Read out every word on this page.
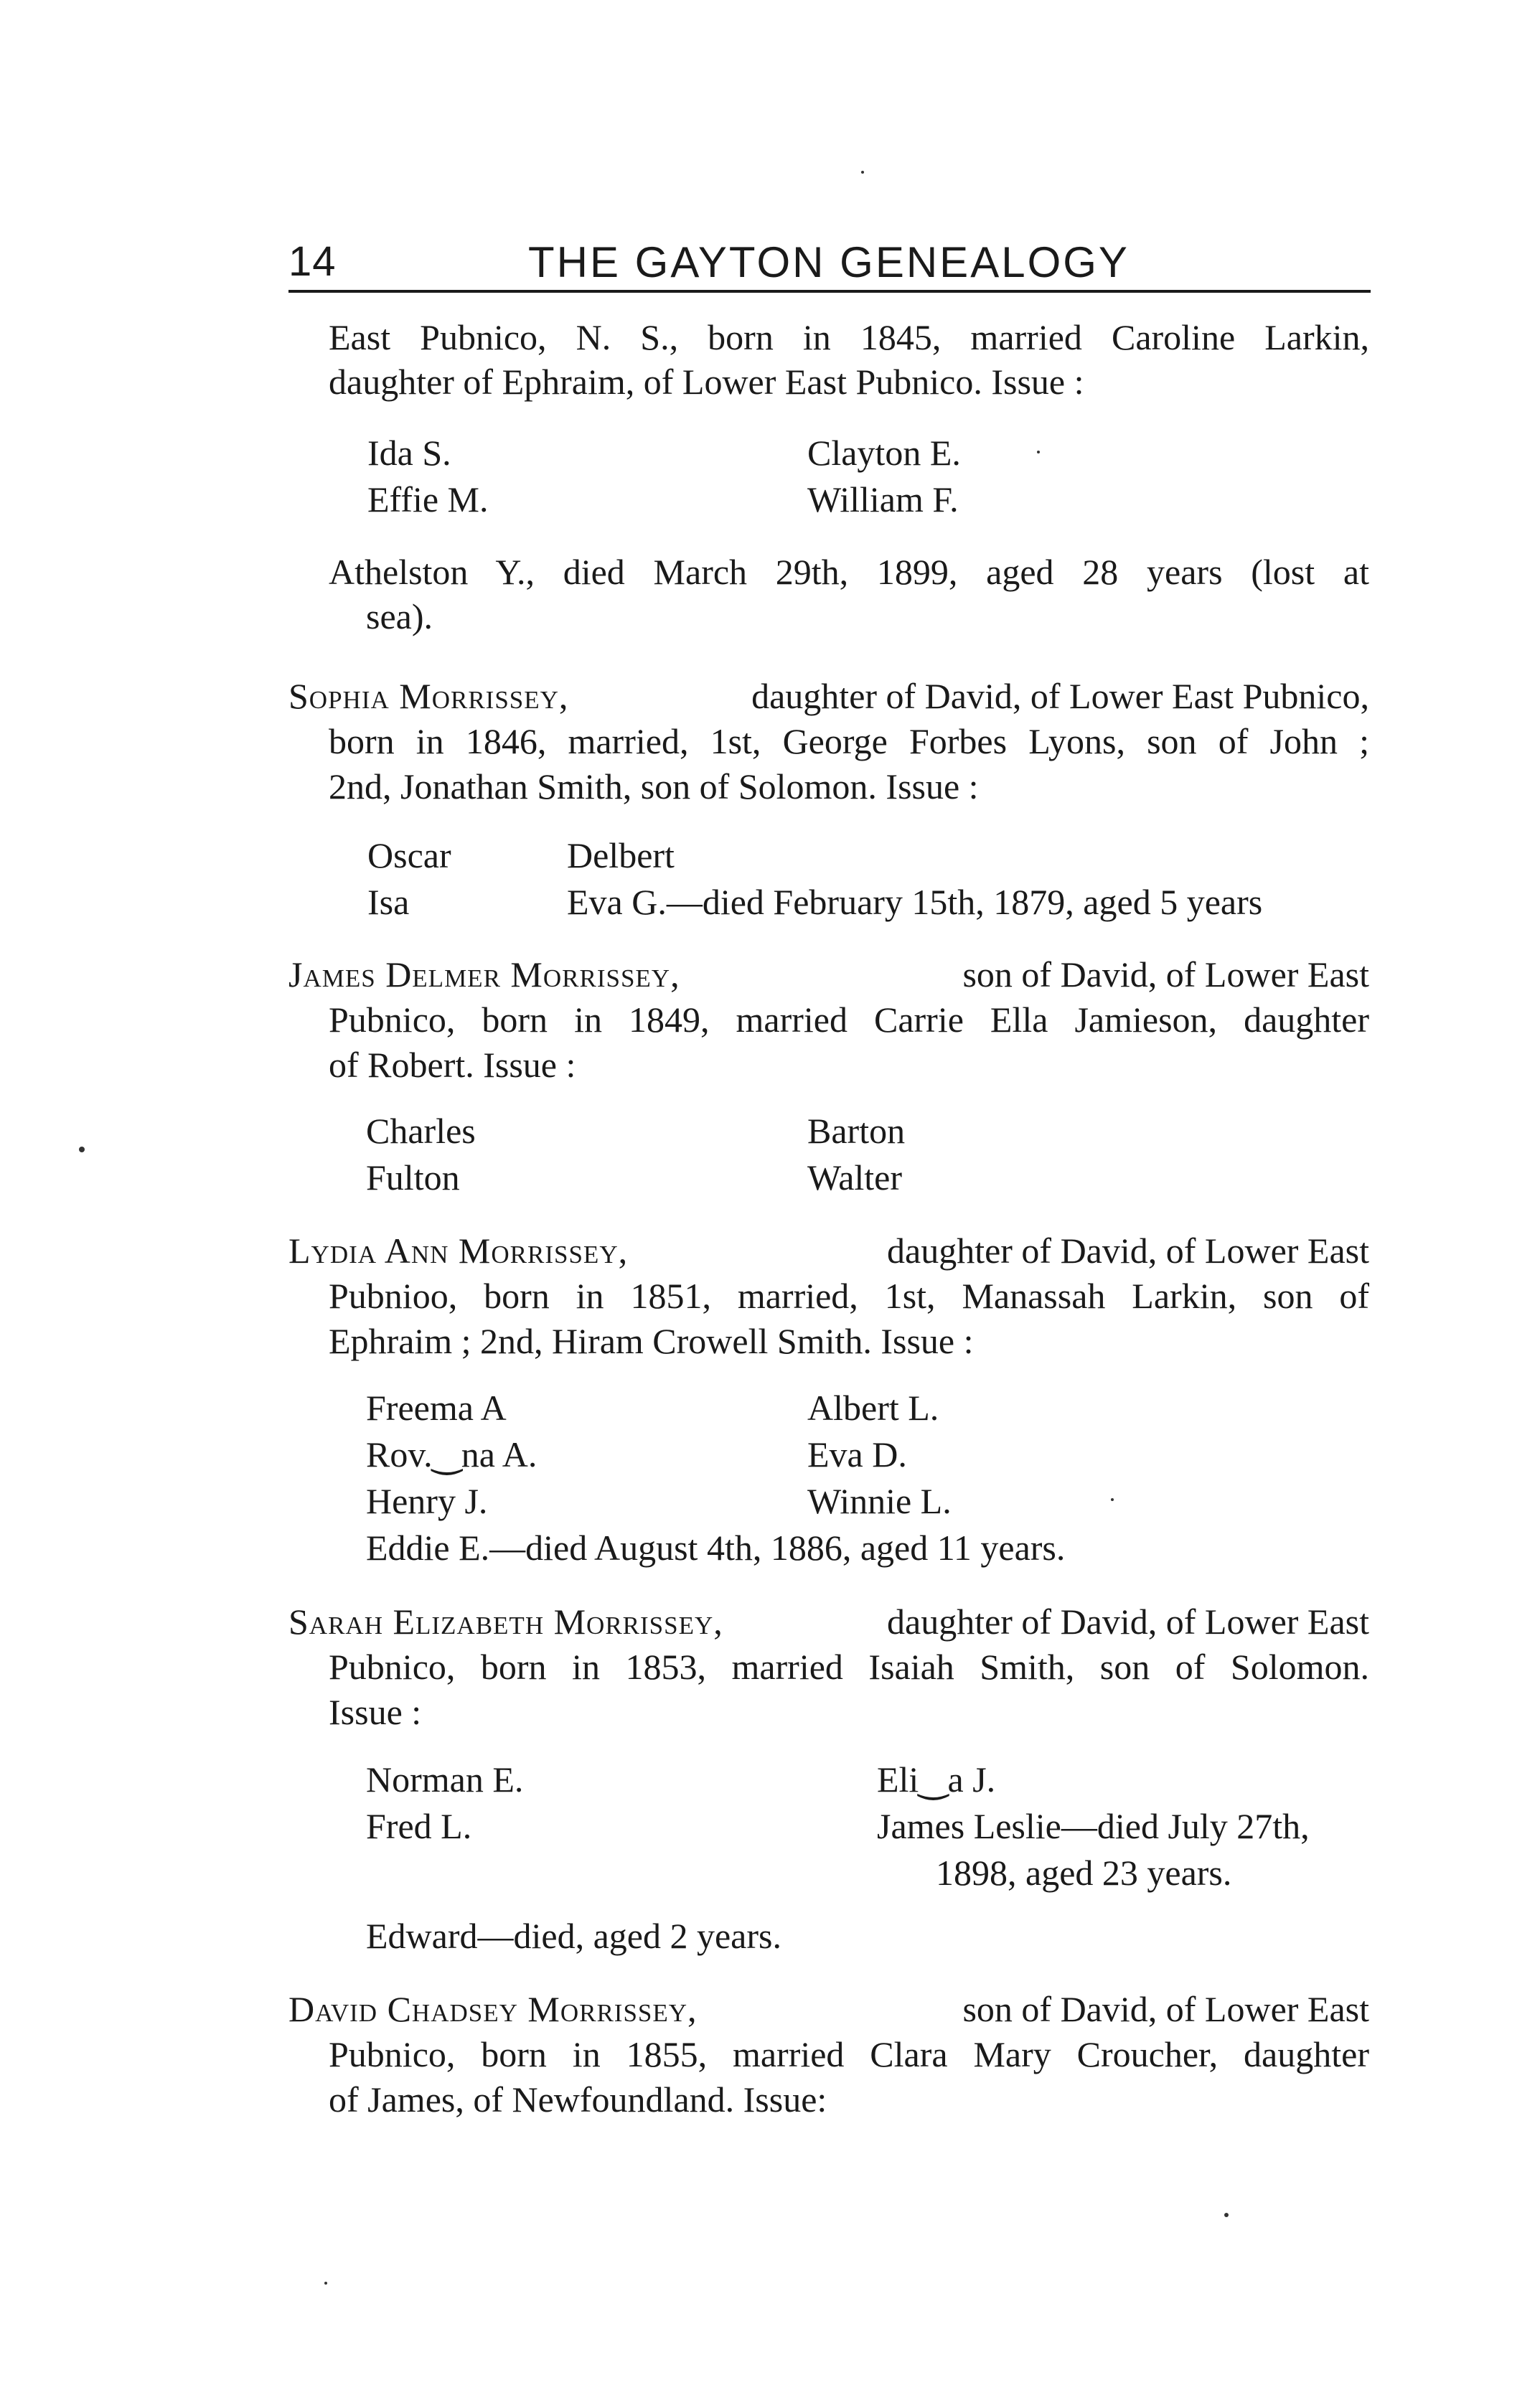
14	THE GAYTON GENEALOGY
East Pubnico, N. S., born in 1845, married Caroline Larkin,
daughter of Ephraim, of Lower East Pubnico. Issue :
Ida S.	Clayton E.
Effie M.	William F.
Athelston Y., died March 29th, 1899, aged 28 years (lost at
sea).
Sophia Morrissey,	daughter of David, of Lower East Pubnico,
born in 1846, married, 1st, George Forbes Lyons, son of John ;
2nd, Jonathan Smith, son of Solomon. Issue :
Oscar	Delbert
Isa	Eva G.—died February 15th, 1879, aged 5 years
James Delmer Morrissey,	son of David, of Lower East
Pubnico, born in 1849, married Carrie Ella Jamieson, daughter
of Robert. Issue :
Charles	Barton
Fulton	Walter
Lydia Ann Morrissey,	daughter of David, of Lower East
Pubnioo, born in 1851, married, 1st, Manassah Larkin, son of
Ephraim ; 2nd, Hiram Crowell Smith. Issue :
Freema A	Albert L.
Rov.‿na A.	Eva D.
Henry J.	Winnie L.
Eddie E.—died August 4th, 1886, aged 11 years.
Sarah Elizabeth Morrissey,	daughter of David, of Lower East
Pubnico, born in 1853, married Isaiah Smith, son of Solomon.
Issue :
Norman E.	Eli‿a J.
Fred L.	James Leslie—died July 27th,
1898, aged 23 years.
Edward—died, aged 2 years.
David Chadsey Morrissey,	son of David, of Lower East
Pubnico, born in 1855, married Clara Mary Croucher, daughter
of James, of Newfoundland. Issue:
